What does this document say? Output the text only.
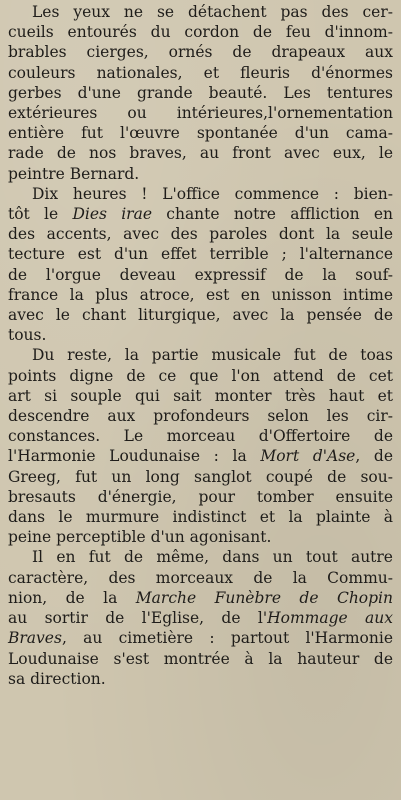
Les yeux ne se détachent pas des cer-
cueils entourés du cordon de feu d'innom-
brables cierges, ornés de drapeaux aux
couleurs nationales, et fleuris d'énormes
gerbes d'une grande beauté. Les tentures
extérieures ou intérieures,l'ornementation
entière fut l'œuvre spontanée d'un cama-
rade de nos braves, au front avec eux, le
peintre Bernard.

Dix heures ! L'office commence : bien-
tôt le Dies irae chante notre affliction en
des accents, avec des paroles dont la seule
tecture est d'un effet terrible ; l'alternance
de l'orgue deveau expressif de la souf-
france la plus atroce, est en unisson intime
avec le chant liturgique, avec la pensée de
tous.

Du reste, la partie musicale fut de toas
points digne de ce que l'on attend de cet
art si souple qui sait monter très haut et
descendre aux profondeurs selon les cir-
constances. Le morceau d'Offertoire de
l'Harmonie Loudunaise : la Mort d'Ase, de
Greeg, fut un long sanglot coupé de sou-
bresauts d'énergie, pour tomber ensuite
dans le murmure indistinct et la plainte à
peine perceptible d'un agonisant.

Il en fut de même, dans un tout autre
caractère, des morceaux de la Commu-
nion, de la Marche Funèbre de Chopin
au sortir de l'Eglise, de l'Hommage aux
Braves, au cimetière : partout l'Harmonie
Loudunaise s'est montrée à la hauteur de
sa direction.
